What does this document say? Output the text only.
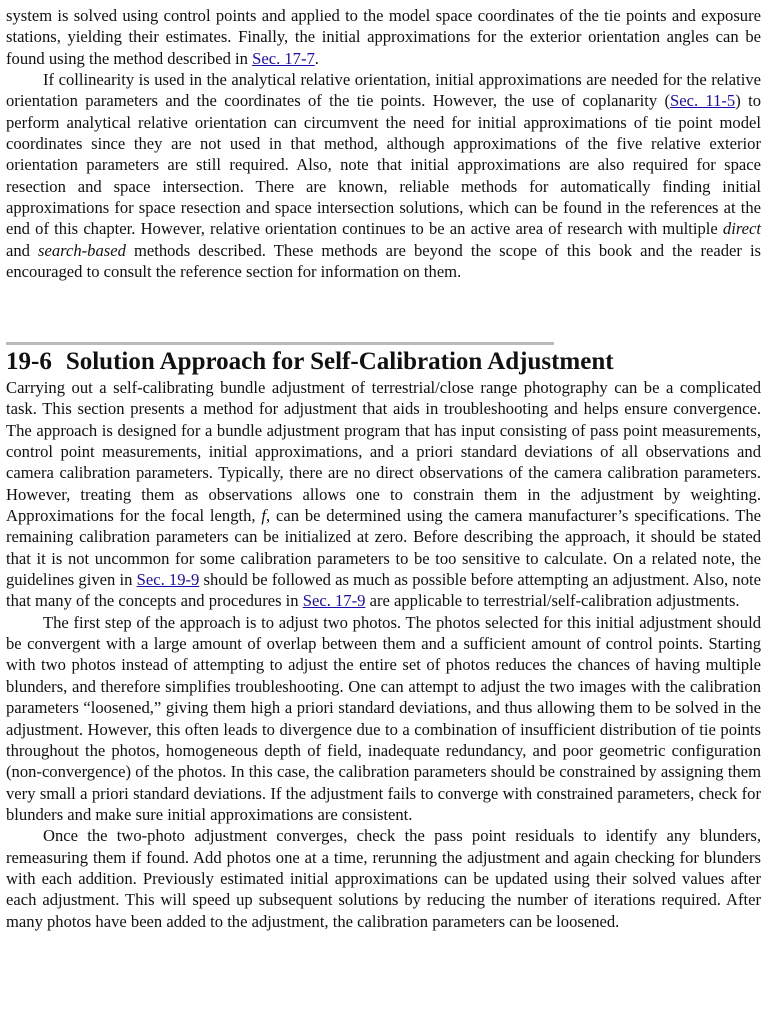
system is solved using control points and applied to the model space coordinates of the tie points and exposure stations, yielding their estimates. Finally, the initial approximations for the exterior orientation angles can be found using the method described in Sec. 17-7.

If collinearity is used in the analytical relative orientation, initial approximations are needed for the relative orientation parameters and the coordinates of the tie points. However, the use of coplanarity (Sec. 11-5) to perform analytical relative orientation can circumvent the need for initial approximations of tie point model coordinates since they are not used in that method, although approximations of the five relative exterior orientation parameters are still required. Also, note that initial approximations are also required for space resection and space intersection. There are known, reliable methods for automatically finding initial approximations for space resection and space intersection solutions, which can be found in the references at the end of this chapter. However, relative orientation continues to be an active area of research with multiple direct and search-based methods described. These methods are beyond the scope of this book and the reader is encouraged to consult the reference section for information on them.

19-6 Solution Approach for Self-Calibration Adjustment

Carrying out a self-calibrating bundle adjustment of terrestrial/close range photography can be a complicated task. This section presents a method for adjustment that aids in troubleshooting and helps ensure convergence. The approach is designed for a bundle adjustment program that has input consisting of pass point measurements, control point measurements, initial approximations, and a priori standard deviations of all observations and camera calibration parameters. Typically, there are no direct observations of the camera calibration parameters. However, treating them as observations allows one to constrain them in the adjustment by weighting. Approximations for the focal length, f, can be determined using the camera manufacturer’s specifications. The remaining calibration parameters can be initialized at zero. Before describing the approach, it should be stated that it is not uncommon for some calibration parameters to be too sensitive to calculate. On a related note, the guidelines given in Sec. 19-9 should be followed as much as possible before attempting an adjustment. Also, note that many of the concepts and procedures in Sec. 17-9 are applicable to terrestrial/self-calibration adjustments.

The first step of the approach is to adjust two photos. The photos selected for this initial adjustment should be convergent with a large amount of overlap between them and a sufficient amount of control points. Starting with two photos instead of attempting to adjust the entire set of photos reduces the chances of having multiple blunders, and therefore simplifies troubleshooting. One can attempt to adjust the two images with the calibration parameters “loosened,” giving them high a priori standard deviations, and thus allowing them to be solved in the adjustment. However, this often leads to divergence due to a combination of insufficient distribution of tie points throughout the photos, homogeneous depth of field, inadequate redundancy, and poor geometric configuration (non-convergence) of the photos. In this case, the calibration parameters should be constrained by assigning them very small a priori standard deviations. If the adjustment fails to converge with constrained parameters, check for blunders and make sure initial approximations are consistent.

Once the two-photo adjustment converges, check the pass point residuals to identify any blunders, remeasuring them if found. Add photos one at a time, rerunning the adjustment and again checking for blunders with each addition. Previously estimated initial approximations can be updated using their solved values after each adjustment. This will speed up subsequent solutions by reducing the number of iterations required. After many photos have been added to the adjustment, the calibration parameters can be loosened.
